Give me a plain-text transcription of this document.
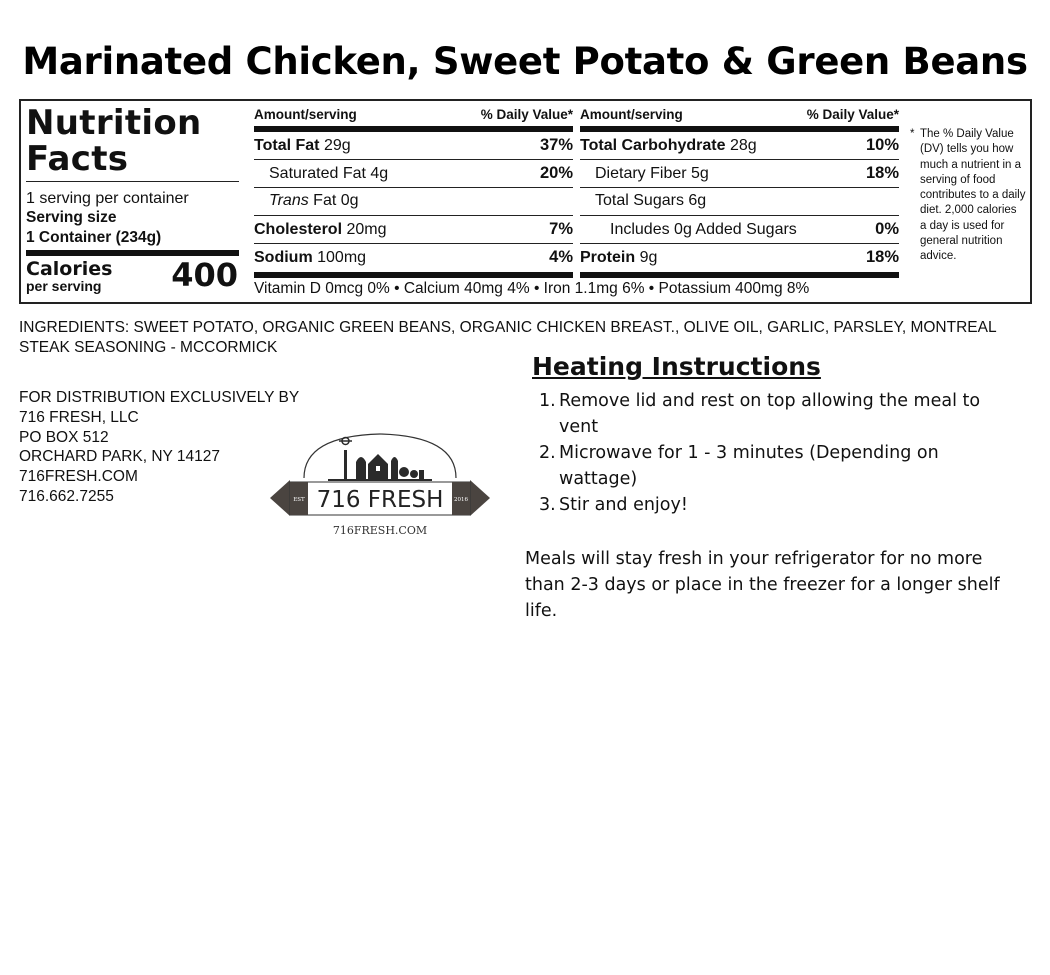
Marinated Chicken, Sweet Potato & Green Beans
Nutrition
Facts
1 serving per container
Serving size
1 Container (234g)
Calories
per serving 400
Amount/serving	% Daily Value*
Total Fat 29g	37%
Saturated Fat 4g	20%
Trans Fat 0g
Cholesterol 20mg	7%
Sodium 100mg	4%
Amount/serving	% Daily Value*
Total Carbohydrate 28g	10%
Dietary Fiber 5g	18%
Total Sugars 6g
Includes 0g Added Sugars	0%
Protein 9g	18%
Vitamin D 0mcg 0% • Calcium 40mg 4% • Iron 1.1mg 6% • Potassium 400mg 8%
* The % Daily Value (DV) tells you how much a nutrient in a serving of food contributes to a daily diet. 2,000 calories a day is used for general nutrition advice.
INGREDIENTS: SWEET POTATO, ORGANIC GREEN BEANS, ORGANIC CHICKEN BREAST., OLIVE OIL, GARLIC, PARSLEY, MONTREAL STEAK SEASONING - MCCORMICK
FOR DISTRIBUTION EXCLUSIVELY BY
716 FRESH, LLC
PO BOX 512
ORCHARD PARK, NY 14127
716FRESH.COM
716.662.7255	EST	2016
716 FRESH
716FRESH.COM
Heating Instructions
1. Remove lid and rest on top allowing the meal to vent
2. Microwave for 1 - 3 minutes (Depending on wattage)
3. Stir and enjoy!
Meals will stay fresh in your refrigerator for no more than 2-3 days or place in the freezer for a longer shelf life.
